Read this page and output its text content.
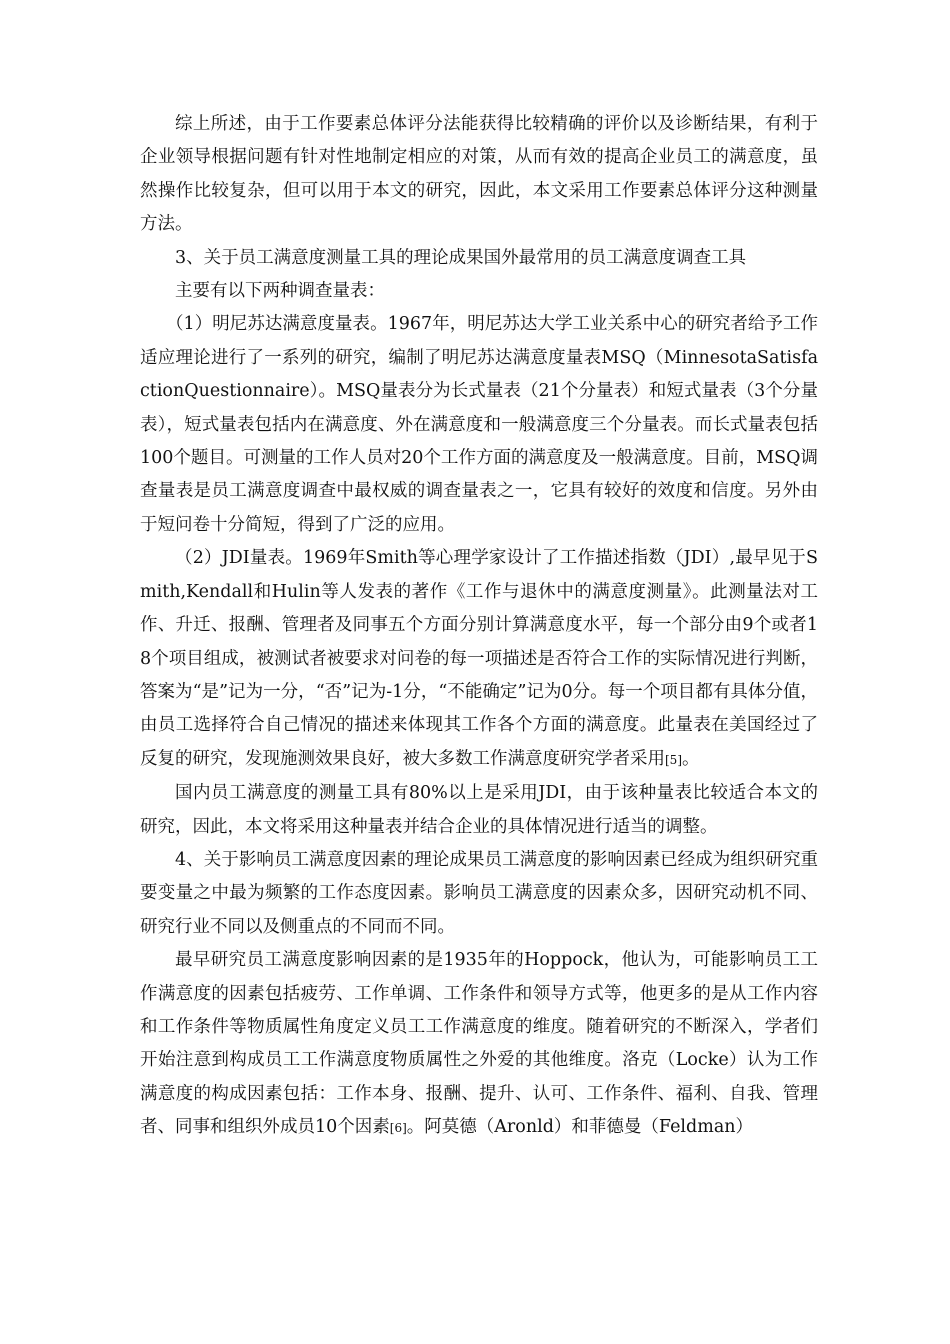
综上所述，由于工作要素总体评分法能获得比较精确的评价以及诊断结果，有利于企业领导根据问题有针对性地制定相应的对策，从而有效的提高企业员工的满意度，虽然操作比较复杂，但可以用于本文的研究，因此，本文采用工作要素总体评分这种测量方法。

3、关于员工满意度测量工具的理论成果国外最常用的员工满意度调查工具

主要有以下两种调查量表：

（1）明尼苏达满意度量表。1967年，明尼苏达大学工业关系中心的研究者给予工作适应理论进行了一系列的研究，编制了明尼苏达满意度量表MSQ（MinnesotaSatisfactionQuestionnaire）。MSQ量表分为长式量表（21个分量表）和短式量表（3个分量表），短式量表包括内在满意度、外在满意度和一般满意度三个分量表。而长式量表包括100个题目。可测量的工作人员对20个工作方面的满意度及一般满意度。目前，MSQ调查量表是员工满意度调查中最权威的调查量表之一，它具有较好的效度和信度。另外由于短问卷十分简短，得到了广泛的应用。

（2）JDI量表。1969年Smith等心理学家设计了工作描述指数（JDI）,最早见于Smith,Kendall和Hulin等人发表的著作《工作与退休中的满意度测量》。此测量法对工作、升迁、报酬、管理者及同事五个方面分别计算满意度水平，每一个部分由9个或者18个项目组成，被测试者被要求对问卷的每一项描述是否符合工作的实际情况进行判断，答案为“是”记为一分，“否”记为-1分，“不能确定”记为0分。每一个项目都有具体分值，由员工选择符合自己情况的描述来体现其工作各个方面的满意度。此量表在美国经过了反复的研究，发现施测效果良好，被大多数工作满意度研究学者采用[5]。

国内员工满意度的测量工具有80%以上是采用JDI，由于该种量表比较适合本文的研究，因此，本文将采用这种量表并结合企业的具体情况进行适当的调整。

4、关于影响员工满意度因素的理论成果员工满意度的影响因素已经成为组织研究重要变量之中最为频繁的工作态度因素。影响员工满意度的因素众多，因研究动机不同、研究行业不同以及侧重点的不同而不同。

最早研究员工满意度影响因素的是1935年的Hoppock，他认为，可能影响员工工作满意度的因素包括疲劳、工作单调、工作条件和领导方式等，他更多的是从工作内容和工作条件等物质属性角度定义员工工作满意度的维度。随着研究的不断深入，学者们开始注意到构成员工工作满意度物质属性之外爱的其他维度。洛克（Locke）认为工作满意度的构成因素包括：工作本身、报酬、提升、认可、工作条件、福利、自我、管理者、同事和组织外成员10个因素[6]。阿莫德（Aronld）和菲德曼（Feldman）
